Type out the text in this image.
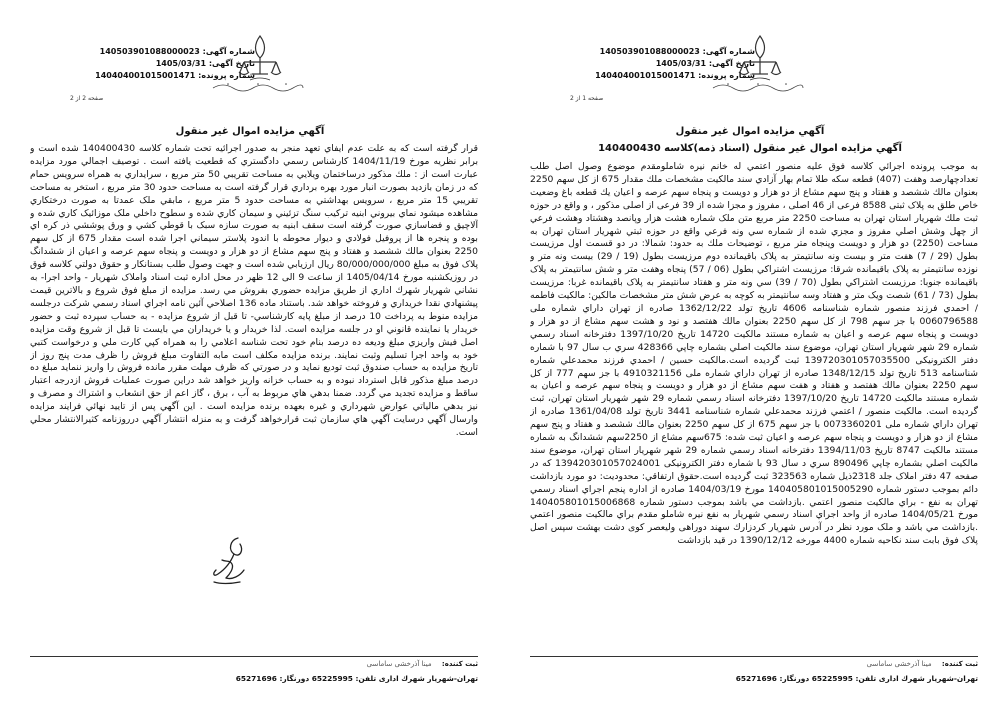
شماره آگهی: 140503901088000023
تاریخ آگهی: 1405/03/31
شماره پرونده: 140404001015001471
صفحه 1 از 2
آگهي مزايده اموال غير منقول
آگهي مزايده اموال غير منقول (اسناد ذمه)کلاسه 140400430
به موجب پرونده اجرائي كلاسه فوق عليه منصور اعتمي له خانم نيره شاملومقدم موضوع وصول اصل طلب تعدادچهارصد وهفت (407) قطعه سكه طلا تمام بهار آزادي سند مالكيت مشخصات ملك مقدار 675 از كل سهم 2250 بعنوان مالك ششصد و هفتاد و پنج سهم مشاع از دو هزار و دويست و پنجاه سهم عرصه و اعيان يك قطعه باغ وضعيت خاص طلق به پلاک ثبتی 8588 فرعی از 46 اصلی ، مفروز و مجزا شده از 39 فرعی از اصلی مذکور ، و واقع در حوزه ثبت ملك شهريار استان تهران به مساحت 2250 متر مربع متن ملک شماره هشت هزار وپانصد وهشتاد وهشت فرعي از چهل وشش اصلي مفروز و مجزي شده از شماره سي ونه فرعي واقع در حوزه ثبتي شهريار استان تهران به مساحت (2250) دو هزار و دويست وپنجاه متر مربع ، توضيحات ملك به حدود: شمالا: در دو قسمت اول مرزيست بطول (29 / 7) هفت متر و بيست ونه سانتيمتر به پلاک باقيمانده دوم مرزيست بطول (19 / 29) بيست ونه متر و نوزده سانتيمتر به پلاک باقيمانده شرقا: مرزيست اشتراكي بطول (06 / 57) پنجاه وهفت متر و شش سانتيمتر به پلاک باقيمانده جنوبا: مرزيست اشتراكي بطول (70 / 39) سي ونه متر و هفتاد سانتيمتر به پلاک باقيمانده غربا: مرزيست بطول (73 / 61) شصت ويک متر و هفتاد وسه سانتيمتر به كوچه به عرض شش متر مشخصات مالكين: مالكيت فاطمه / احمدي فرزند منصور شماره شناسنامه 4606 تاريخ تولد 1362/12/22 صادره از تهران داراي شماره ملی 0060796588 با جز سهم 798 از كل سهم 2250 بعنوان مالك هفتصد و نود و هشت سهم مشاع از دو هزار و دويست و پنجاه سهم عرصه و اعيان به شماره مستند مالكيت 14720 تاريخ 1397/10/20 دفترخانه اسناد رسمي شماره 29 شهر شهريار استان تهران، موضوع سند مالكيت اصلي بشماره چاپي 428366 سري ب سال 97 با شماره دفتر الكترونيكی 139720301057035500 ثبت گرديده است.مالكيت حسين / احمدي فرزند محمدعلي شماره شناسنامه 513 تاريخ تولد 1348/12/15 صادره از تهران داراي شماره ملی 4910321156 با جز سهم 777 از كل سهم 2250 بعنوان مالك هفتصد و هفتاد و هفت سهم مشاع از دو هزار و دويست و پنجاه سهم عرصه و اعيان به شماره مستند مالكيت 14720 تاريخ 1397/10/20 دفترخانه اسناد رسمي شماره 29 شهر شهريار استان تهران، ثبت گرديده است. مالكيت منصور / اعتمي فرزند محمدعلي شماره شناسنامه 3441 تاريخ تولد 1361/04/08 صادره از تهران داراي شماره ملی 0073360201 با جز سهم 675 از كل سهم 2250 بعنوان مالك ششصد و هفتاد و پنج سهم مشاع از دو هزار و دويست و پنجاه سهم عرصه و اعيان ثبت شده: 675سهم مشاع از 2250سهم ششدانگ به شماره مستند مالكيت 8747 تاريخ 1394/11/03 دفترخانه اسناد رسمي شماره 29 شهر شهريار استان تهران، موضوع سند مالكيت اصلي بشماره چاپي 890496 سري د سال 93 با شماره دفتر الكترونيكی 139420301057024001 که در صفحه 47 دفتر املاک جلد 2318ذيل شماره 323563 ثبت گرديده است.حقوق ارتفاقي: محدوديت: دو مورد بازداشت دائم بموجب دستور شماره 140405801015005290 مورخ 1404/03/19 صادره از اداره پنجم اجراي اسناد رسمي تهران به نفع - براي مالكيت منصور اعتمي .بازداشت مي باشد بموجب دستور شماره 140405801015006868 مورخ 1404/05/21 صادره از واحد اجراي اسناد رسمي شهريار به نفع نيره شاملو مقدم براي مالكيت منصور اعتمي .بازداشت مي باشد و ملک مورد نظر در آدرس شهريار کردزارك سهند دوراهی وليعصر کوی دشت بهشت سپس اصل پلاک فوق بابت سند نكاحيه شماره 4400 مورخه 1390/12/12 در قيد بازداشت
ثبت کننده: مینا آذرخشی ساماسی
تهران-شهريار شهرك اداری تلفن: 65225995 دورنگار: 65271696
شماره آگهی: 140503901088000023
تاریخ آگهی: 1405/03/31
شماره پرونده: 140404001015001471
صفحه 2 از 2
آگهي مزايده اموال غير منقول
قرار گرفته است كه به علت عدم ايفاي تعهد منجر به صدور اجرائيه تحت شماره كلاسه 140400430 شده است و برابر نظريه مورخ 1404/11/19 كارشناس رسمي دادگستري كه قطعيت يافته است . توصيف اجمالي مورد مزايده عبارت است از : ملك مذکور درساختمان ويلايي به مساحت تقريبي 50 متر مربع ، سرايداري به همراه سرويس حمام كه در زمان بازديد بصورت انبار مورد بهره برداري قرار گرفته است به مساحت حدود 30 متر مربع ، استخر به مساحت تقريبي 15 متر مربع ، سرويس بهداشتي به مساحت حدود 5 متر مربع ، مابقي ملک عمدتا به صورت درختكاري مشاهده ميشود نماي بيروني ابنيه تركيب سنگ تزئيني و سيمان كاري شده و سطوح داخلي ملک موزائيک كاري شده و آلاچيق و فضاسازي صورت گرفته است سقف ابنيه به صورت سازه سبک با قوطي كشي و ورق پوششي ذر كره اي بوده و پنجره ها از پروفيل فولادي و ديوار محوطه با اندود پلاستر سيماني اجرا شده است مقدار 675 از كل سهم 2250 بعنوان مالك ششصد و هفتاد و پنج سهم مشاع از دو هزار و دويست و پنجاه سهم عرصه و اعيان از ششدانگ پلاک فوق به مبلغ 80/000/000/000 ريال ارزيابي شده است و جهت وصول طلب بستانكار و حقوق دولتي كلاسه فوق در روزيكشنبه مورخ 1405/04/14 از ساعت 9 الی 12 ظهر در محل اداره ثبت اسناد واملاک شهريار - واحد اجرا- به نشاني شهريار شهرك اداري از طريق مزايده حضوري بفروش مي رسد. مزايده از مبلغ فوق شروع و بالاترين قيمت پيشنهادي نقدا خريداري و فروخته خواهد شد. باستناد ماده 136 اصلاحي آئين نامه اجراي اسناد رسمي شركت درجلسه مزايده منوط به پرداخت 10 درصد از مبلغ پايه كارشناسي- تا قبل از شروع مزايده - به حساب سپرده ثبت و حضور خريدار يا نماينده قانوني او در جلسه مزايده است. لذا خريدار و يا خريداران مي بايست تا قبل از شروع وقت مزايده اصل فيش واريزي مبلغ وديعه ده درصد بنام خود تحت شناسه اعلامي را به همراه كپي كارت ملي و درخواست كتبي خود به واحد اجرا تسليم وثبت نمايند. برنده مزايده مكلف است مابه التفاوت مبلغ فروش را ظرف مدت پنج روز از تاريخ مزايده به حساب صندوق ثبت توديع نمايد و در صورتي كه ظرف مهلت مقرر مانده فروش را واريز ننمايد مبلغ ده درصد مبلغ مذكور قابل استرداد نبوده و به حساب خزانه واريز خواهد شد دراين صورت عمليات فروش ازدرجه اعتبار ساقط و مزايده تجديد مي گردد. ضمنا بدهي هاي مربوط به آب ، برق ، گاز اعم از حق انشعاب و اشتراك و مصرف و نيز بدهي مالياتي عوارض شهرداري و غيره بعهده برنده مزايده است . اين آگهي پس از تاييد نهائي فرايند مزايده وارسال آگهي درسايت آگهي هاي سازمان ثبت قرارخواهد گرفت و به منزله انتشار آگهي درروزنامه كثيرالانتشار محلي است.
ثبت کننده: مینا آذرخشی ساماسی
تهران-شهريار شهرك اداری تلفن: 65225995 دورنگار: 65271696
